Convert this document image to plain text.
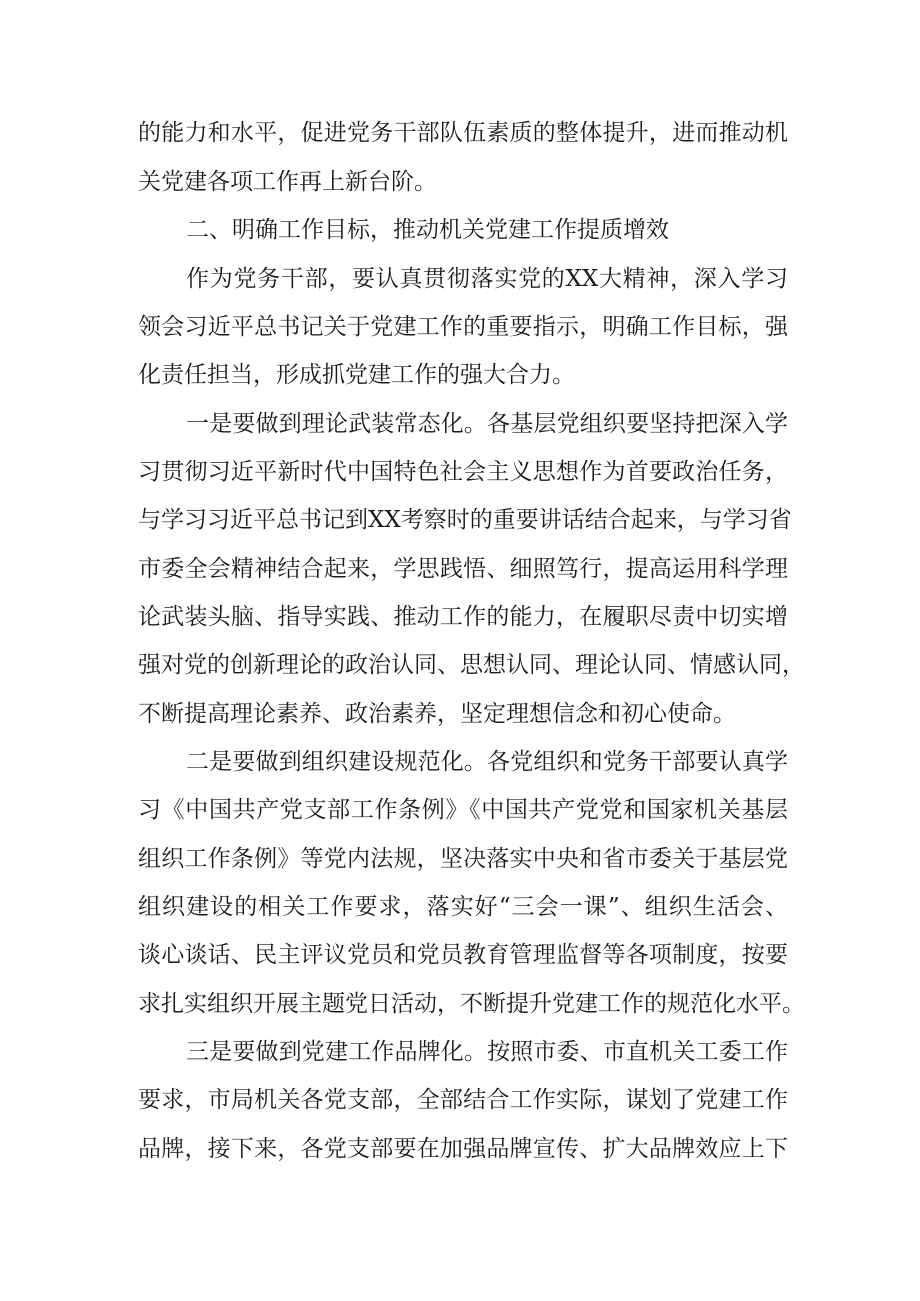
的能力和水平，促进党务干部队伍素质的整体提升，进而推动机

关党建各项工作再上新台阶。

二、明确工作目标，推动机关党建工作提质增效

作为党务干部，要认真贯彻落实党的XX大精神，深入学习

领会习近平总书记关于党建工作的重要指示，明确工作目标，强

化责任担当，形成抓党建工作的强大合力。

一是要做到理论武装常态化。各基层党组织要坚持把深入学

习贯彻习近平新时代中国特色社会主义思想作为首要政治任务，

与学习习近平总书记到XX考察时的重要讲话结合起来，与学习省

市委全会精神结合起来，学思践悟、细照笃行，提高运用科学理

论武装头脑、指导实践、推动工作的能力，在履职尽责中切实增

强对党的创新理论的政治认同、思想认同、理论认同、情感认同，

不断提高理论素养、政治素养，坚定理想信念和初心使命。

二是要做到组织建设规范化。各党组织和党务干部要认真学

习《中国共产党支部工作条例》《中国共产党党和国家机关基层

组织工作条例》等党内法规，坚决落实中央和省市委关于基层党

组织建设的相关工作要求，落实好“三会一课”、组织生活会、

谈心谈话、民主评议党员和党员教育管理监督等各项制度，按要

求扎实组织开展主题党日活动，不断提升党建工作的规范化水平。

三是要做到党建工作品牌化。按照市委、市直机关工委工作

要求，市局机关各党支部，全部结合工作实际，谋划了党建工作

品牌，接下来，各党支部要在加强品牌宣传、扩大品牌效应上下
